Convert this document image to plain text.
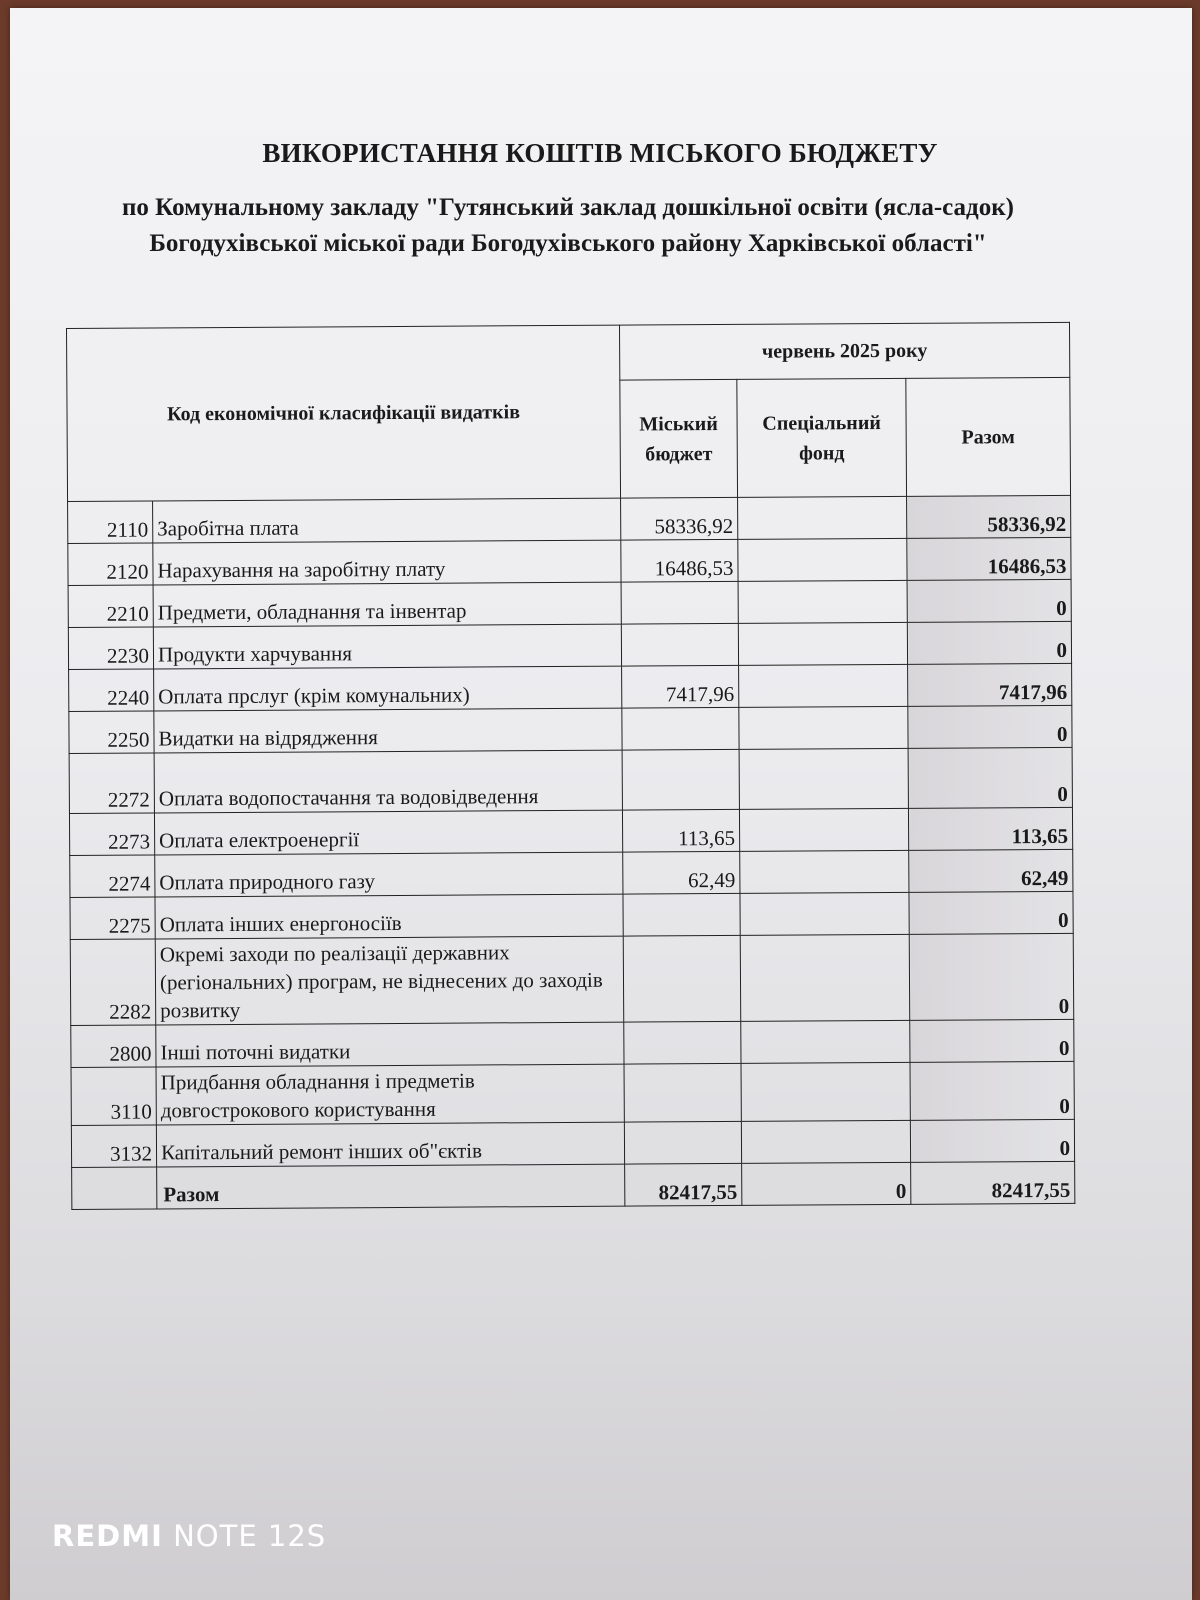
ВИКОРИСТАННЯ КОШТІВ МІСЬКОГО БЮДЖЕТУ
по Комунальному закладу "Гутянський заклад дошкільної освіти (ясла-садок) Богодухівської міської ради Богодухівського району Харківської області"
Код економічної класифікації видатків		червень 2025 року		
		Міський бюджет	Спеціальний фонд	Разом
2110	Заробітна плата	58336,92		58336,92
2120	Нарахування на заробітну плату	16486,53		16486,53
2210	Предмети, обладнання та інвентар			0
2230	Продукти харчування			0
2240	Оплата прслуг (крім комунальних)	7417,96		7417,96
2250	Видатки на відрядження			0
2272	Оплата водопостачання та водовідведення			0
2273	Оплата електроенергії	113,65		113,65
2274	Оплата природного газу	62,49		62,49
2275	Оплата інших енергоносіїв			0
2282	Окремі заходи по реалізації державних (регіональних) програм, не віднесених до заходів розвитку			0
2800	Інші поточні видатки			0
3110	Придбання обладнання і предметів довгострокового користування			0
3132	Капітальний ремонт інших об"єктів			0
	Разом	82417,55	0	82417,55
REDMI NOTE 12S
